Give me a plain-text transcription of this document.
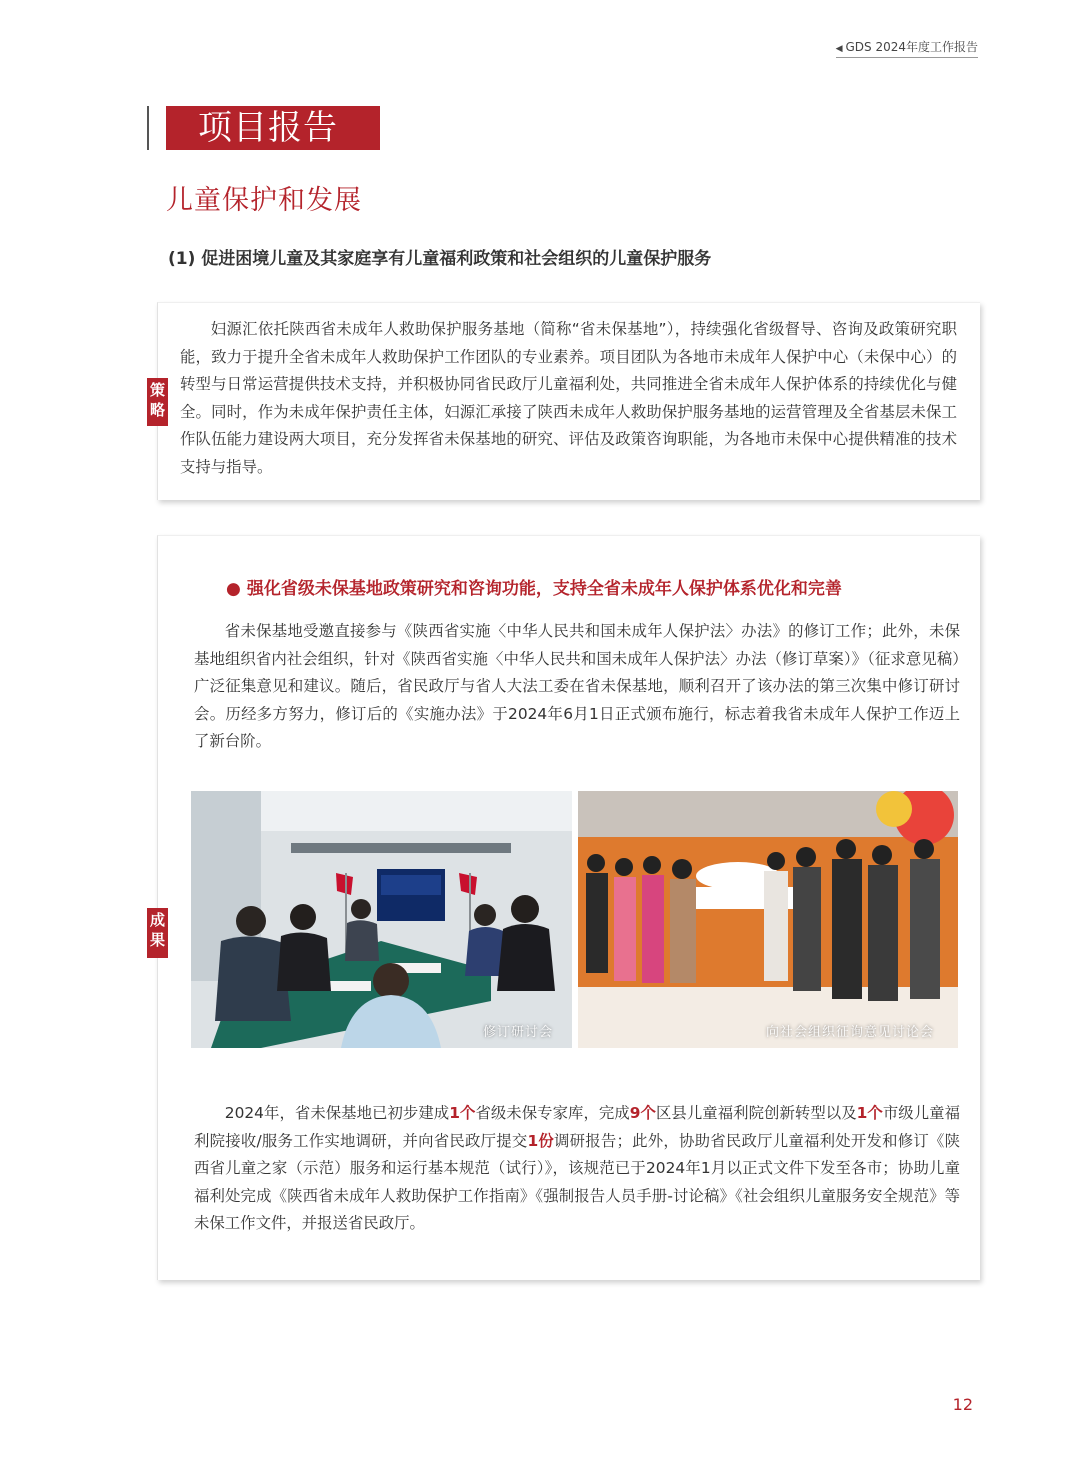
◀ GDS 2024年度工作报告
项目报告
儿童保护和发展
(1) 促进困境儿童及其家庭享有儿童福利政策和社会组织的儿童保护服务
策
略

妇源汇依托陕西省未成年人救助保护服务基地（简称“省未保基地”），持续强化省级督导、咨询及政策研究职能，致力于提升全省未成年人救助保护工作团队的专业素养。项目团队为各地市未成年人保护中心（未保中心）的转型与日常运营提供技术支持，并积极协同省民政厅儿童福利处，共同推进全省未成年人保护体系的持续优化与健全。同时，作为未成年保护责任主体，妇源汇承接了陕西未成年人救助保护服务基地的运营管理及全省基层未保工作队伍能力建设两大项目，充分发挥省未保基地的研究、评估及政策咨询职能，为各地市未保中心提供精准的技术支持与指导。

成
果
● 强化省级未保基地政策研究和咨询功能，支持全省未成年人保护体系优化和完善

省未保基地受邀直接参与《陕西省实施〈中华人民共和国未成年人保护法〉办法》的修订工作；此外，未保基地组织省内社会组织，针对《陕西省实施〈中华人民共和国未成年人保护法〉办法（修订草案）》（征求意见稿）广泛征集意见和建议。随后，省民政厅与省人大法工委在省未保基地，顺利召开了该办法的第三次集中修订研讨会。历经多方努力，修订后的《实施办法》于2024年6月1日正式颁布施行，标志着我省未成年人保护工作迈上了新台阶。

修订研讨会	向社会组织征询意见讨论会

2024年，省未保基地已初步建成1个省级未保专家库，完成9个区县儿童福利院创新转型以及1个市级儿童福利院接收/服务工作实地调研，并向省民政厅提交1份调研报告；此外，协助省民政厅儿童福利处开发和修订《陕西省儿童之家（示范）服务和运行基本规范（试行）》，该规范已于2024年1月以正式文件下发至各市；协助儿童福利处完成《陕西省未成年人救助保护工作指南》《强制报告人员手册-讨论稿》《社会组织儿童服务安全规范》等未保工作文件，并报送省民政厅。

12
